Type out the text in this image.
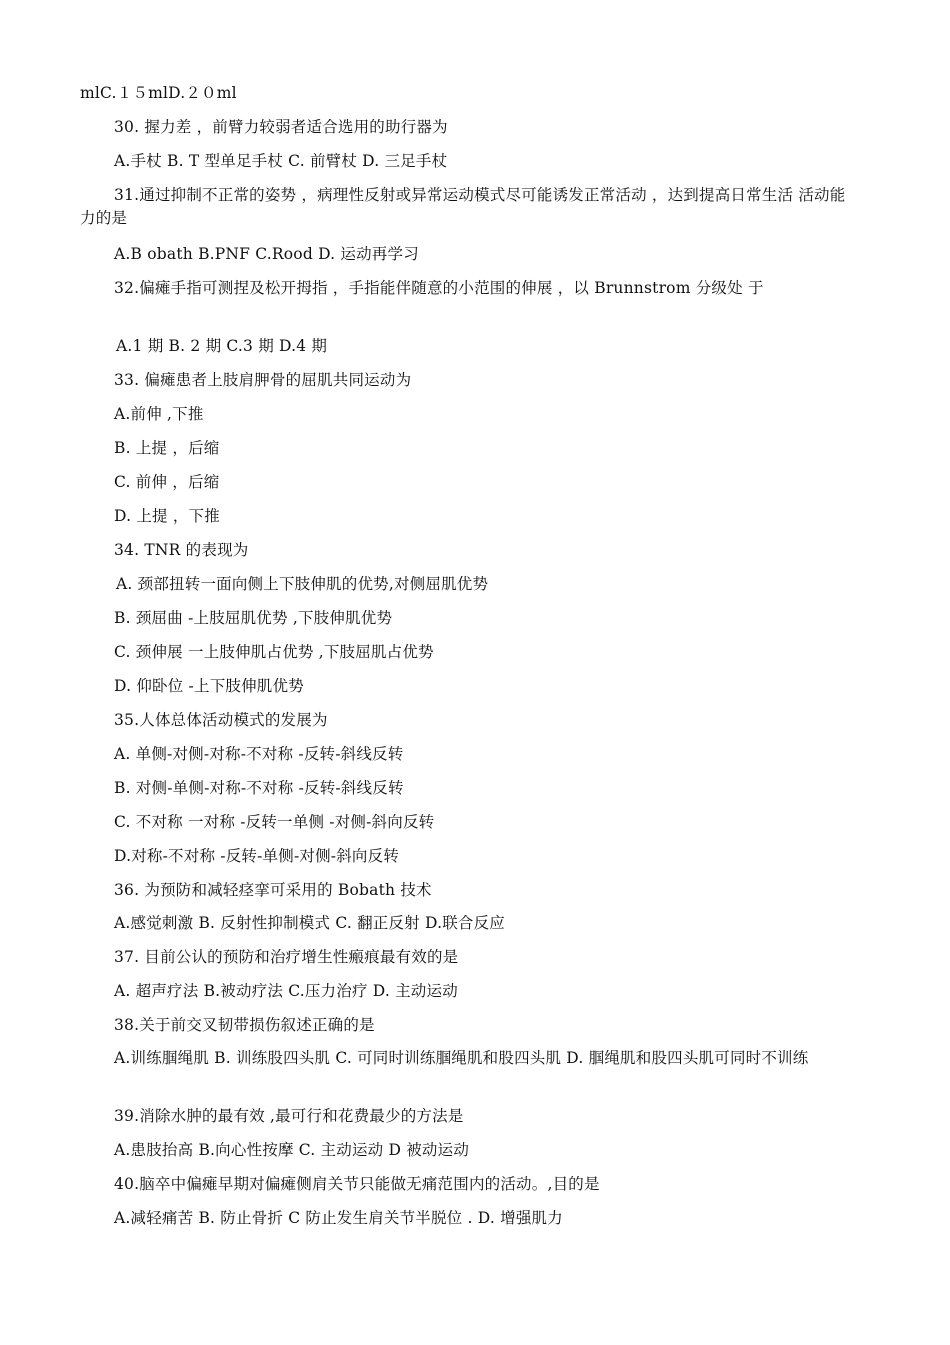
mlC.１５mlD.２０ml
30. 握力差 ，前臂力较弱者适合选用的助行器为
A.手杖 B. T 型单足手杖 C. 前臂杖 D. 三足手杖
31.通过抑制不正常的姿势 ，病理性反射或异常运动模式尽可能诱发正常活动 ，达到提高日常生活 活动能力的是
A.B obath B.PNF C.Rood D. 运动再学习
32.偏瘫手指可测捏及松开拇指 ，手指能伴随意的小范围的伸展 ，以 Brunnstrom 分级处 于
A.1 期 B. 2 期 C.3 期 D.4 期
33. 偏瘫患者上肢肩胛骨的屈肌共同运动为
A.前伸 ,下推
B. 上提 ，后缩
C. 前伸 ，后缩
D. 上提 ，下推
34. TNR 的表现为
A. 颈部扭转一面向侧上下肢伸肌的优势,对侧屈肌优势
B. 颈屈曲 -上肢屈肌优势 ,下肢伸肌优势
C. 颈伸展 一上肢伸肌占优势 ,下肢屈肌占优势
D. 仰卧位 -上下肢伸肌优势
35.人体总体活动模式的发展为
A. 单侧-对侧-对称-不对称 -反转-斜线反转
B. 对侧-单侧-对称-不对称 -反转-斜线反转
C. 不对称 一对称 -反转一单侧 -对侧-斜向反转
D.对称-不对称 -反转-单侧-对侧-斜向反转
36. 为预防和减轻痉挛可采用的 Bobath 技术
A.感觉刺激 B. 反射性抑制模式 C. 翻正反射 D.联合反应
37. 目前公认的预防和治疗增生性瘢痕最有效的是
A. 超声疗法 B.被动疗法 C.压力治疗 D. 主动运动
38.关于前交叉韧带损伤叙述正确的是
A.训练腘绳肌 B. 训练股四头肌 C. 可同时训练腘绳肌和股四头肌 D. 腘绳肌和股四头肌可同时不训练
39.消除水肿的最有效 ,最可行和花费最少的方法是
A.患肢抬高 B.向心性按摩 C. 主动运动 D 被动运动
40.脑卒中偏瘫早期对偏瘫侧肩关节只能做无痛范围内的活动。,目的是
A.减轻痛苦 B. 防止骨折 C 防止发生肩关节半脱位 . D. 增强肌力
